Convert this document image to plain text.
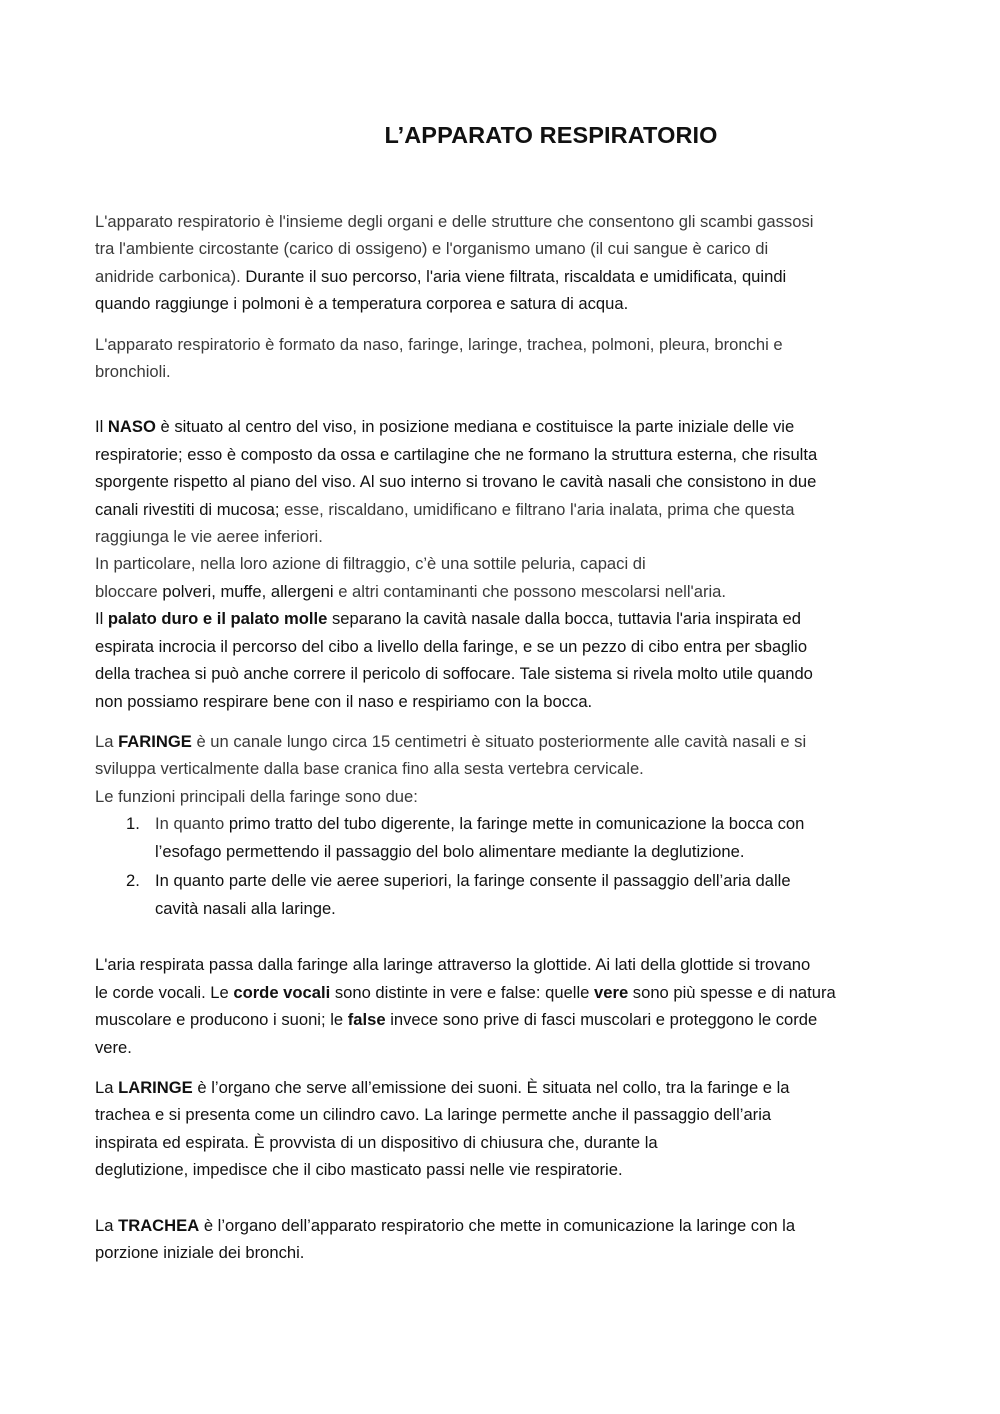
L’APPARATO RESPIRATORIO

L'apparato respiratorio è l'insieme degli organi e delle strutture che consentono gli scambi gassosi

tra l'ambiente circostante (carico di ossigeno) e l'organismo umano (il cui sangue è carico di

anidride carbonica). Durante il suo percorso, l'aria viene filtrata, riscaldata e umidificata, quindi

quando raggiunge i polmoni è a temperatura corporea e satura di acqua.

L'apparato respiratorio è formato da naso, faringe, laringe, trachea, polmoni, pleura, bronchi e

bronchioli.

Il NASO è situato al centro del viso, in posizione mediana e costituisce la parte iniziale delle vie

respiratorie; esso è composto da ossa e cartilagine che ne formano la struttura esterna, che risulta

sporgente rispetto al piano del viso. Al suo interno si trovano le cavità nasali che consistono in due

canali rivestiti di mucosa; esse, riscaldano, umidificano e filtrano l'aria inalata, prima che questa

raggiunga le vie aeree inferiori.

In particolare, nella loro azione di filtraggio, c’è una sottile peluria, capaci di

bloccare polveri, muffe, allergeni e altri contaminanti che possono mescolarsi nell'aria.

Il palato duro e il palato molle separano la cavità nasale dalla bocca, tuttavia l'aria inspirata ed

espirata incrocia il percorso del cibo a livello della faringe, e se un pezzo di cibo entra per sbaglio

della trachea si può anche correre il pericolo di soffocare. Tale sistema si rivela molto utile quando

non possiamo respirare bene con il naso e respiriamo con la bocca.

La FARINGE è un canale lungo circa 15 centimetri è situato posteriormente alle cavità nasali e si

sviluppa verticalmente dalla base cranica fino alla sesta vertebra cervicale.

Le funzioni principali della faringe sono due:

1. In quanto primo tratto del tubo digerente, la faringe mette in comunicazione la bocca con
l’esofago permettendo il passaggio del bolo alimentare mediante la deglutizione.
2. In quanto parte delle vie aeree superiori, la faringe consente il passaggio dell’aria dalle
cavità nasali alla laringe.

L'aria respirata passa dalla faringe alla laringe attraverso la glottide. Ai lati della glottide si trovano

le corde vocali. Le corde vocali sono distinte in vere e false: quelle vere sono più spesse e di natura

muscolare e producono i suoni; le false invece sono prive di fasci muscolari e proteggono le corde

vere.

La LARINGE è l’organo che serve all’emissione dei suoni. È situata nel collo, tra la faringe e la

trachea e si presenta come un cilindro cavo. La laringe permette anche il passaggio dell’aria

inspirata ed espirata. È provvista di un dispositivo di chiusura che, durante la

deglutizione, impedisce che il cibo masticato passi nelle vie respiratorie.

La TRACHEA è l’organo dell’apparato respiratorio che mette in comunicazione la laringe con la

porzione iniziale dei bronchi.
